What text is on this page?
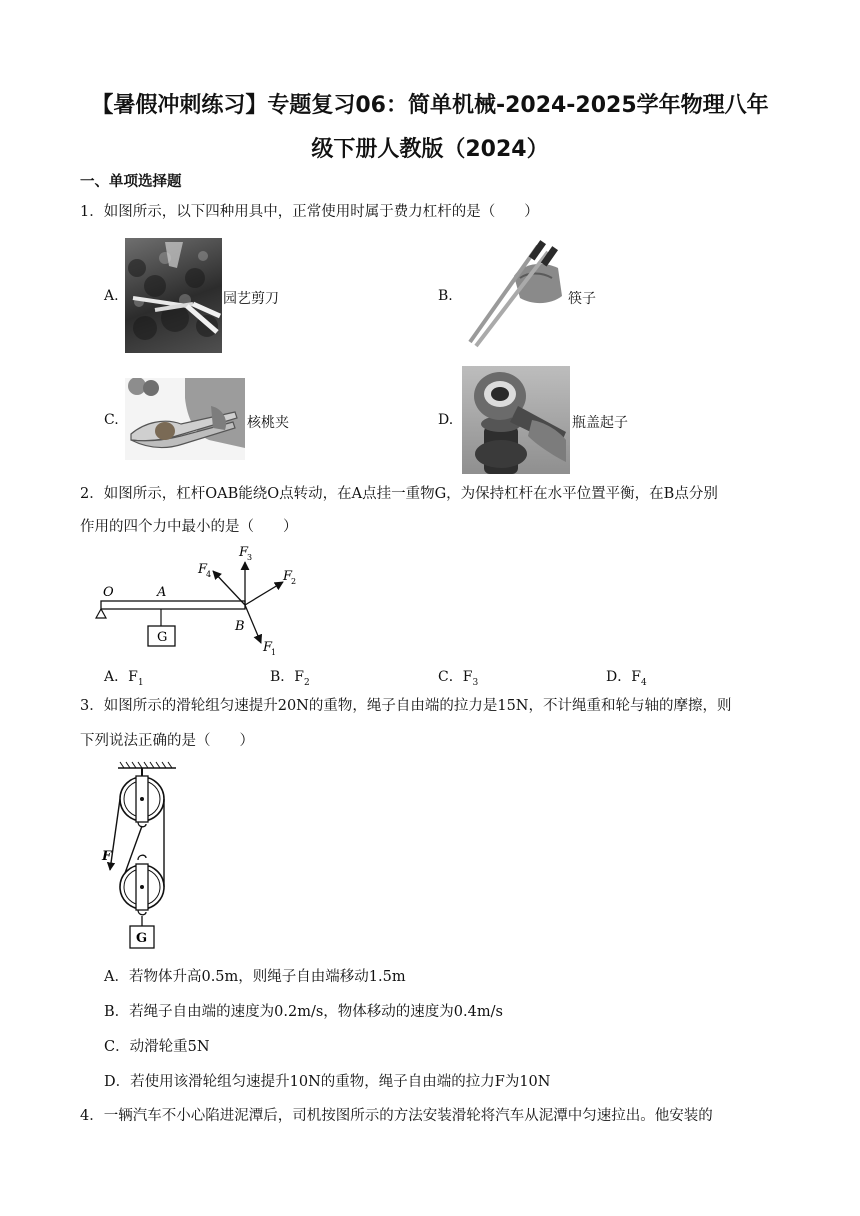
【暑假冲刺练习】专题复习06：简单机械-2024-2025学年物理八年
级下册人教版（2024）
一、单项选择题
1．如图所示，以下四种用具中，正常使用时属于费力杠杆的是（　　）
A.	园艺剪刀	B.	筷子
C.	核桃夹	D.	瓶盖起子
2．如图所示，杠杆OAB能绕O点转动，在A点挂一重物G，为保持杠杆在水平位置平衡，在B点分别
作用的四个力中最小的是（　　）
O	A
B
G
F
1
F
2
F
3
F
4
A．$F_1$	B．$F_2$	C．$F_3$	D．$F_4$
3．如图所示的滑轮组匀速提升20N的重物，绳子自由端的拉力是15N，不计绳重和轮与轴的摩擦，则
下列说法正确的是（　　）
F
G
A．若物体升高0.5m，则绳子自由端移动1.5m
B．若绳子自由端的速度为0.2m/s，物体移动的速度为0.4m/s
C．动滑轮重5N
D．若使用该滑轮组匀速提升10N的重物，绳子自由端的拉力F为10N
4．一辆汽车不小心陷进泥潭后，司机按图所示的方法安装滑轮将汽车从泥潭中匀速拉出。他安装的
